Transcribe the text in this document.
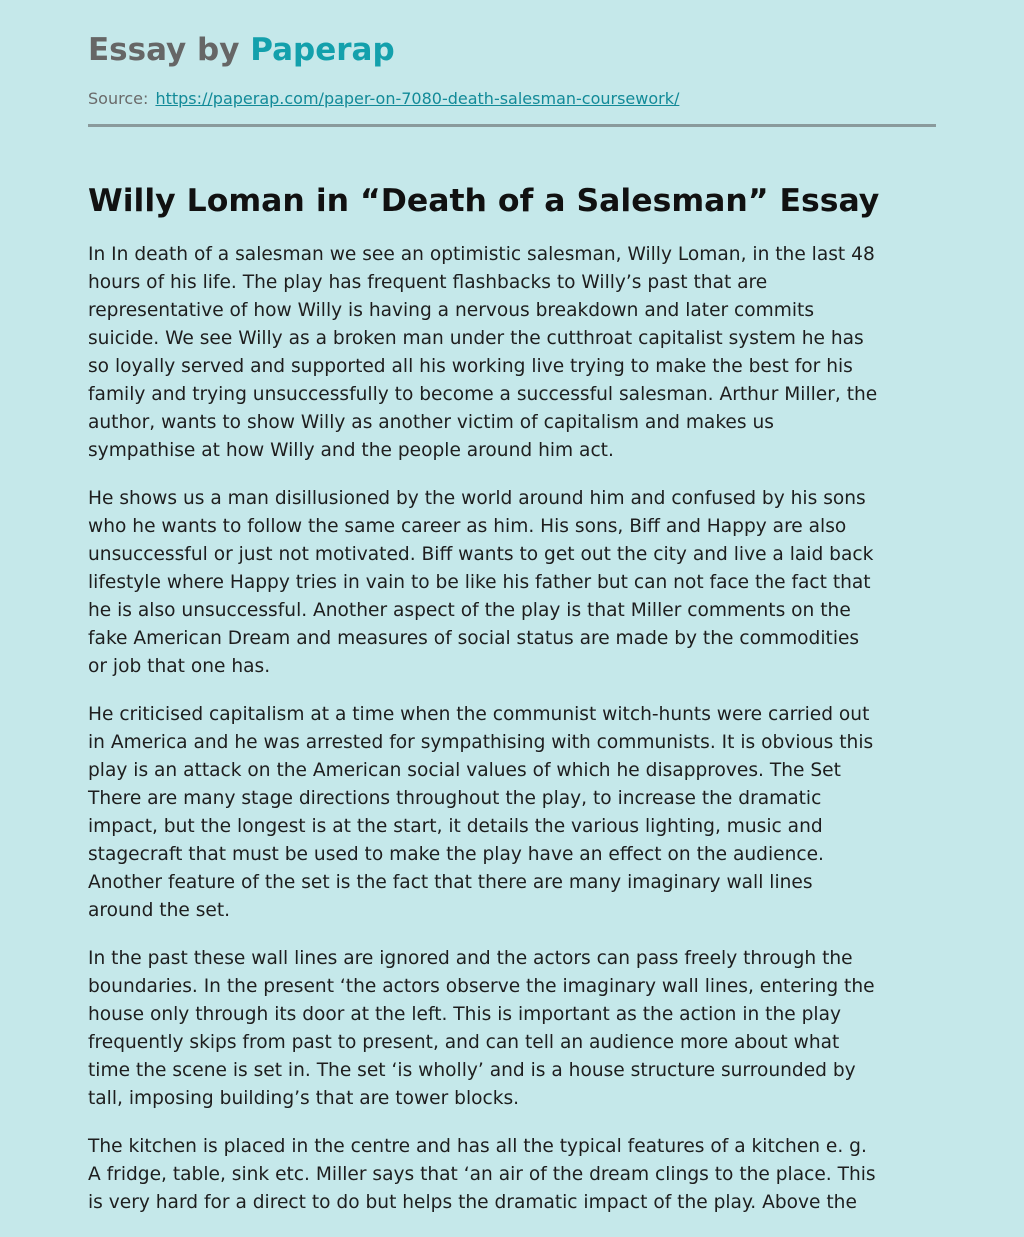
Essay by Paperap
Source: https://paperap.com/paper-on-7080-death-salesman-coursework/
Willy Loman in “Death of a Salesman” Essay

In In death of a salesman we see an optimistic salesman, Willy Loman, in the last 48
hours of his life. The play has frequent flashbacks to Willy’s past that are
representative of how Willy is having a nervous breakdown and later commits
suicide. We see Willy as a broken man under the cutthroat capitalist system he has
so loyally served and supported all his working live trying to make the best for his
family and trying unsuccessfully to become a successful salesman. Arthur Miller, the
author, wants to show Willy as another victim of capitalism and makes us
sympathise at how Willy and the people around him act.

He shows us a man disillusioned by the world around him and confused by his sons
who he wants to follow the same career as him. His sons, Biff and Happy are also
unsuccessful or just not motivated. Biff wants to get out the city and live a laid back
lifestyle where Happy tries in vain to be like his father but can not face the fact that
he is also unsuccessful. Another aspect of the play is that Miller comments on the
fake American Dream and measures of social status are made by the commodities
or job that one has.

He criticised capitalism at a time when the communist witch-hunts were carried out
in America and he was arrested for sympathising with communists. It is obvious this
play is an attack on the American social values of which he disapproves. The Set
There are many stage directions throughout the play, to increase the dramatic
impact, but the longest is at the start, it details the various lighting, music and
stagecraft that must be used to make the play have an effect on the audience.
Another feature of the set is the fact that there are many imaginary wall lines
around the set.

In the past these wall lines are ignored and the actors can pass freely through the
boundaries. In the present ‘the actors observe the imaginary wall lines, entering the
house only through its door at the left. This is important as the action in the play
frequently skips from past to present, and can tell an audience more about what
time the scene is set in. The set ‘is wholly’ and is a house structure surrounded by
tall, imposing building’s that are tower blocks.

The kitchen is placed in the centre and has all the typical features of a kitchen e. g.
A fridge, table, sink etc. Miller says that ‘an air of the dream clings to the place. This
is very hard for a direct to do but helps the dramatic impact of the play. Above the
